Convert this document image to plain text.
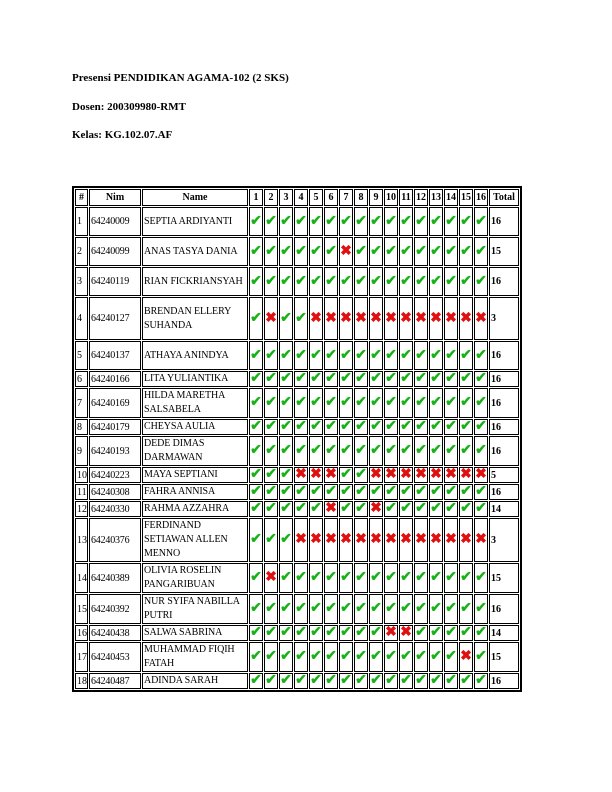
Presensi PENDIDIKAN AGAMA-102 (2 SKS)
Dosen: 200309980-RMT
Kelas: KG.102.07.AF
#	Nim	Name	1	2	3	4	5	6	7	8	9	10	11	12	13	14	15	16	Total
1	64240009	SEPTIA ARDIYANTI	✔	✔	✔	✔	✔	✔	✔	✔	✔	✔	✔	✔	✔	✔	✔	✔	16
2	64240099	ANAS TASYA DANIA	✔	✔	✔	✔	✔	✔	✖	✔	✔	✔	✔	✔	✔	✔	✔	✔	15
3	64240119	RIAN FICKRIANSYAH	✔	✔	✔	✔	✔	✔	✔	✔	✔	✔	✔	✔	✔	✔	✔	✔	16
4	64240127	BRENDAN ELLERY SUHANDA	✔	✖	✔	✔	✖	✖	✖	✖	✖	✖	✖	✖	✖	✖	✖	✖	3
5	64240137	ATHAYA ANINDYA	✔	✔	✔	✔	✔	✔	✔	✔	✔	✔	✔	✔	✔	✔	✔	✔	16
6	64240166	LITA YULIANTIKA	✔	✔	✔	✔	✔	✔	✔	✔	✔	✔	✔	✔	✔	✔	✔	✔	16
7	64240169	HILDA MARETHA SALSABELA	✔	✔	✔	✔	✔	✔	✔	✔	✔	✔	✔	✔	✔	✔	✔	✔	16
8	64240179	CHEYSA AULIA	✔	✔	✔	✔	✔	✔	✔	✔	✔	✔	✔	✔	✔	✔	✔	✔	16
9	64240193	DEDE DIMAS DARMAWAN	✔	✔	✔	✔	✔	✔	✔	✔	✔	✔	✔	✔	✔	✔	✔	✔	16
10	64240223	MAYA SEPTIANI	✔	✔	✔	✖	✖	✖	✔	✔	✖	✖	✖	✖	✖	✖	✖	✖	5
11	64240308	FAHRA ANNISA	✔	✔	✔	✔	✔	✔	✔	✔	✔	✔	✔	✔	✔	✔	✔	✔	16
12	64240330	RAHMA AZZAHRA	✔	✔	✔	✔	✔	✖	✔	✔	✖	✔	✔	✔	✔	✔	✔	✔	14
13	64240376	FERDINAND SETIAWAN ALLEN MENNO	✔	✔	✔	✖	✖	✖	✖	✖	✖	✖	✖	✖	✖	✖	✖	✖	3
14	64240389	OLIVIA ROSELIN PANGARIBUAN	✔	✖	✔	✔	✔	✔	✔	✔	✔	✔	✔	✔	✔	✔	✔	✔	15
15	64240392	NUR SYIFA NABILLA PUTRI	✔	✔	✔	✔	✔	✔	✔	✔	✔	✔	✔	✔	✔	✔	✔	✔	16
16	64240438	SALWA SABRINA	✔	✔	✔	✔	✔	✔	✔	✔	✔	✖	✖	✔	✔	✔	✔	✔	14
17	64240453	MUHAMMAD FIQIH FATAH	✔	✔	✔	✔	✔	✔	✔	✔	✔	✔	✔	✔	✔	✔	✖	✔	15
18	64240487	ADINDA SARAH	✔	✔	✔	✔	✔	✔	✔	✔	✔	✔	✔	✔	✔	✔	✔	✔	16
